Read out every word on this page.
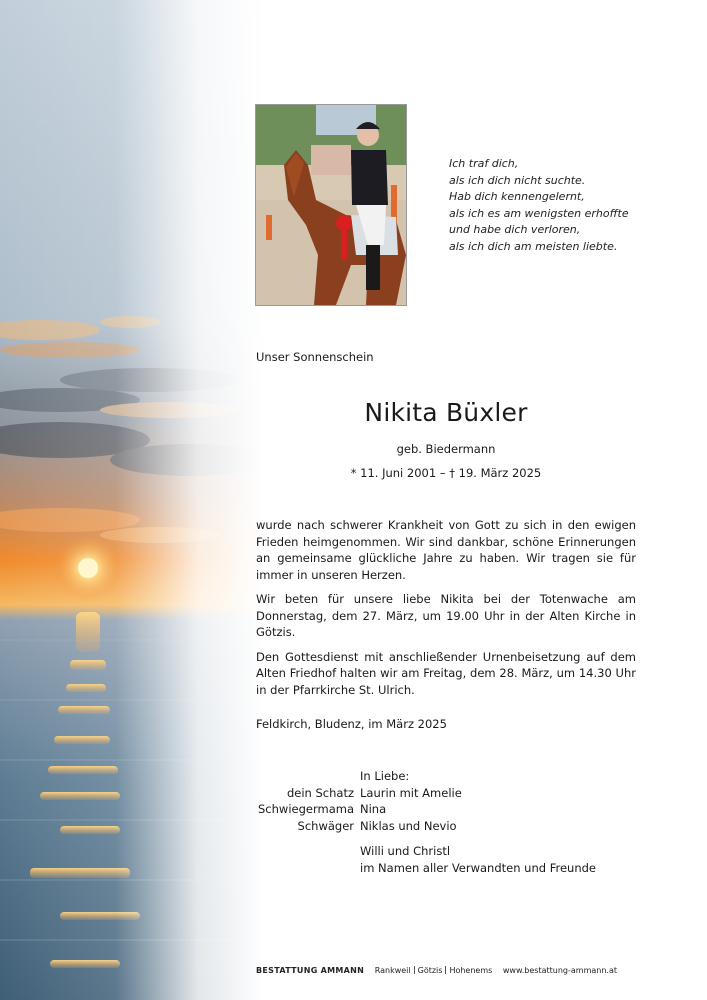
Ich traf dich,
als ich dich nicht suchte.
Hab dich kennengelernt,
als ich es am wenigsten erhoffte
und habe dich verloren,
als ich dich am meisten liebte.
Unser Sonnenschein
Nikita Büxler
geb. Biedermann
* 11. Juni 2001 – † 19. März 2025

wurde nach schwerer Krankheit von Gott zu sich in den ewigen Frieden heimgenommen. Wir sind dankbar, schöne Erinnerungen an gemeinsame glückliche Jahre zu haben. Wir tragen sie für immer in unseren Herzen.

Wir beten für unsere liebe Nikita bei der Totenwache am Donnerstag, dem 27. März, um 19.00 Uhr in der Alten Kirche in Götzis.

Den Gottesdienst mit anschließender Urnenbeisetzung auf dem Alten Friedhof halten wir am Freitag, dem 28. März, um 14.30 Uhr in der Pfarrkirche St. Ulrich.

Feldkirch, Bludenz, im März 2025
In Liebe:
dein Schatz Laurin mit Amelie
Schwiegermama Nina
Schwäger Niklas und Nevio
Willi und Christl
im Namen aller Verwandten und Freunde
BESTATTUNG AMMANN Rankweil Götzis Hohenems www.bestattung-ammann.at
